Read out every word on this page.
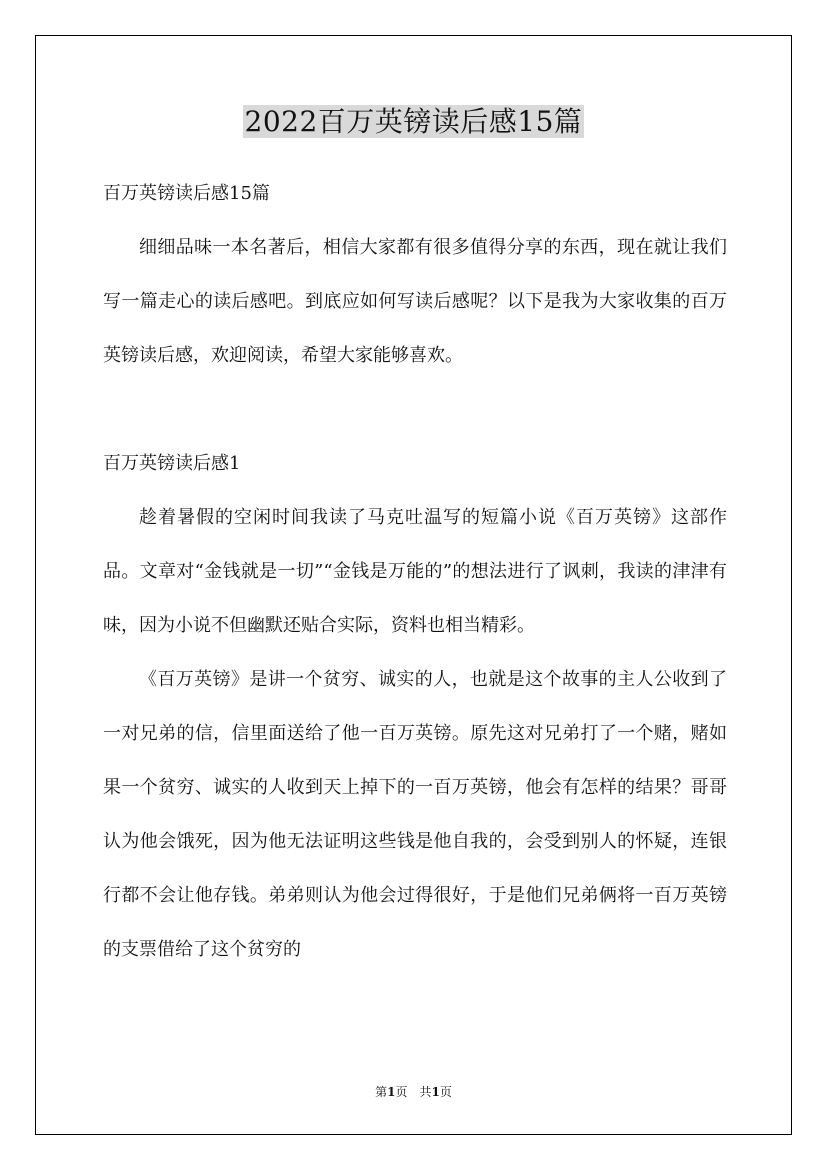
2022百万英镑读后感15篇

百万英镑读后感15篇

细细品味一本名著后，相信大家都有很多值得分享的东西，现在就让我们写一篇走心的读后感吧。到底应如何写读后感呢？以下是我为大家收集的百万英镑读后感，欢迎阅读，希望大家能够喜欢。

百万英镑读后感1

趁着暑假的空闲时间我读了马克吐温写的短篇小说《百万英镑》这部作品。文章对“金钱就是一切”“金钱是万能的”的想法进行了讽刺，我读的津津有味，因为小说不但幽默还贴合实际，资料也相当精彩。

《百万英镑》是讲一个贫穷、诚实的人，也就是这个故事的主人公收到了一对兄弟的信，信里面送给了他一百万英镑。原先这对兄弟打了一个赌，赌如果一个贫穷、诚实的人收到天上掉下的一百万英镑，他会有怎样的结果？哥哥认为他会饿死，因为他无法证明这些钱是他自我的，会受到别人的怀疑，连银行都不会让他存钱。弟弟则认为他会过得很好，于是他们兄弟俩将一百万英镑的支票借给了这个贫穷的

第1页　共1页
